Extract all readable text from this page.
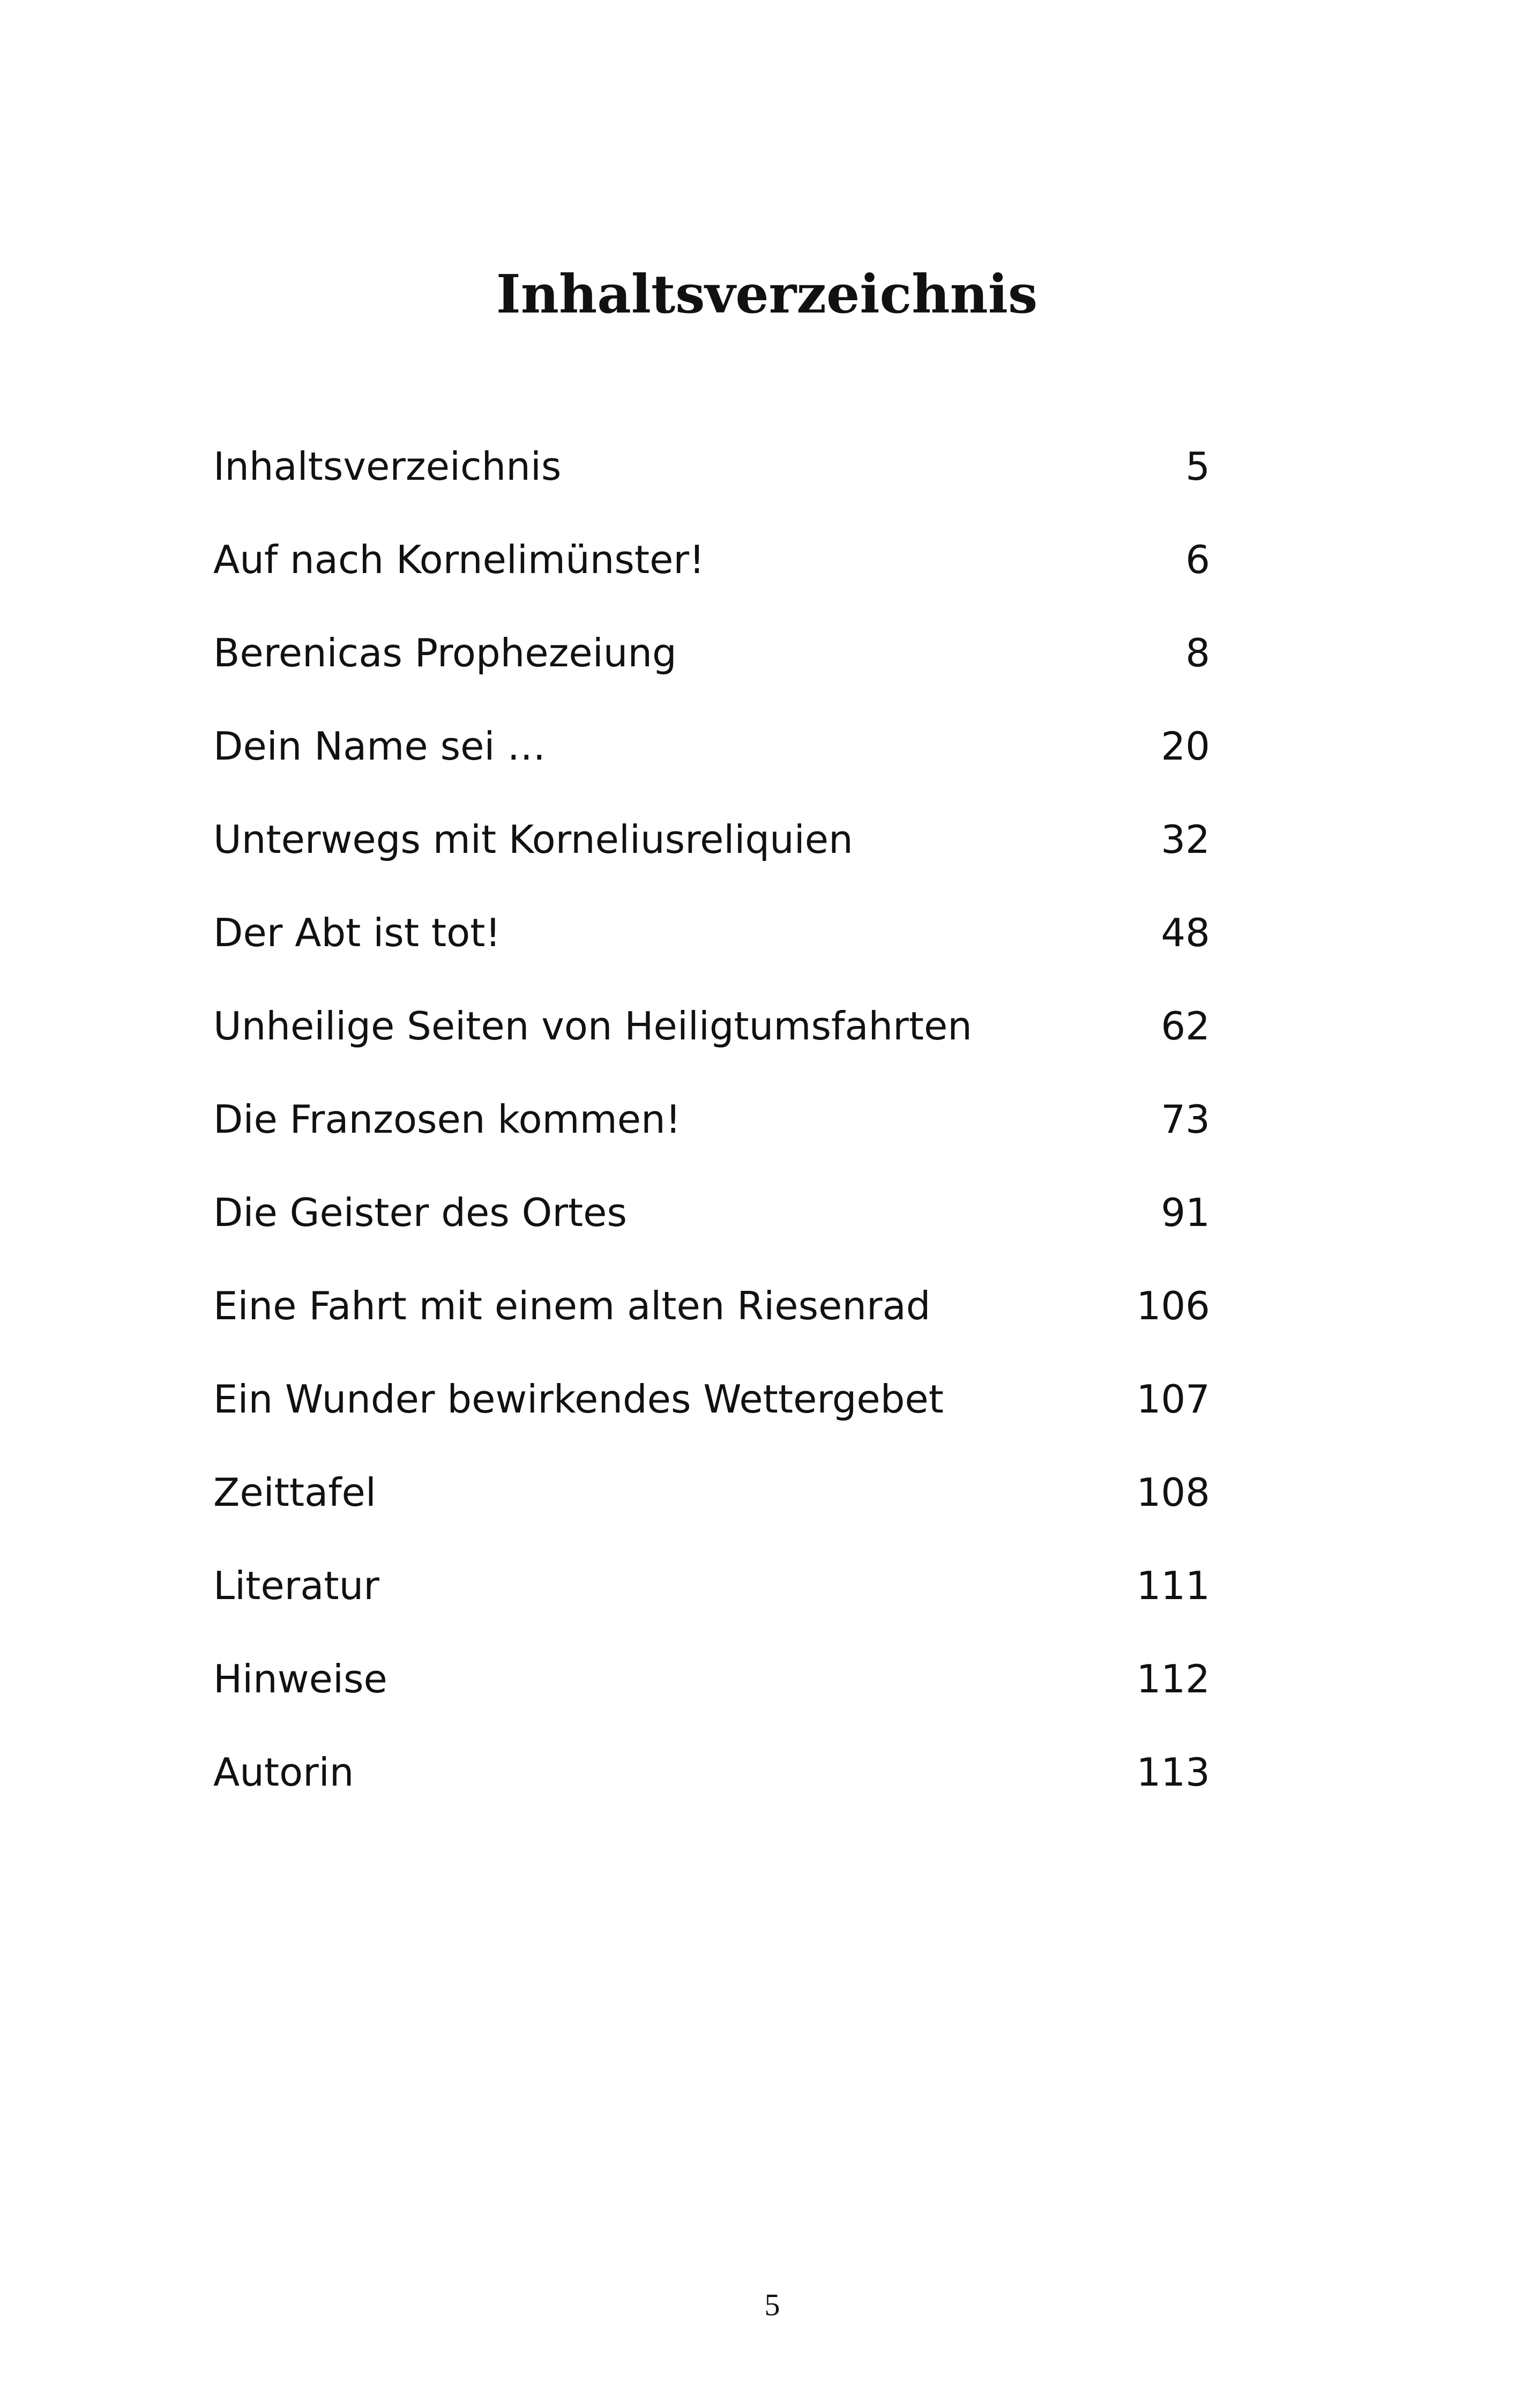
Inhaltsverzeichnis
Inhaltsverzeichnis	5
Auf nach Kornelimünster!	6
Berenicas Prophezeiung	8
Dein Name sei …	20
Unterwegs mit Korneliusreliquien	32
Der Abt ist tot!	48
Unheilige Seiten von Heiligtumsfahrten	62
Die Franzosen kommen!	73
Die Geister des Ortes	91
Eine Fahrt mit einem alten Riesenrad	106
Ein Wunder bewirkendes Wettergebet	107
Zeittafel	108
Literatur	111
Hinweise	112
Autorin	113
5
